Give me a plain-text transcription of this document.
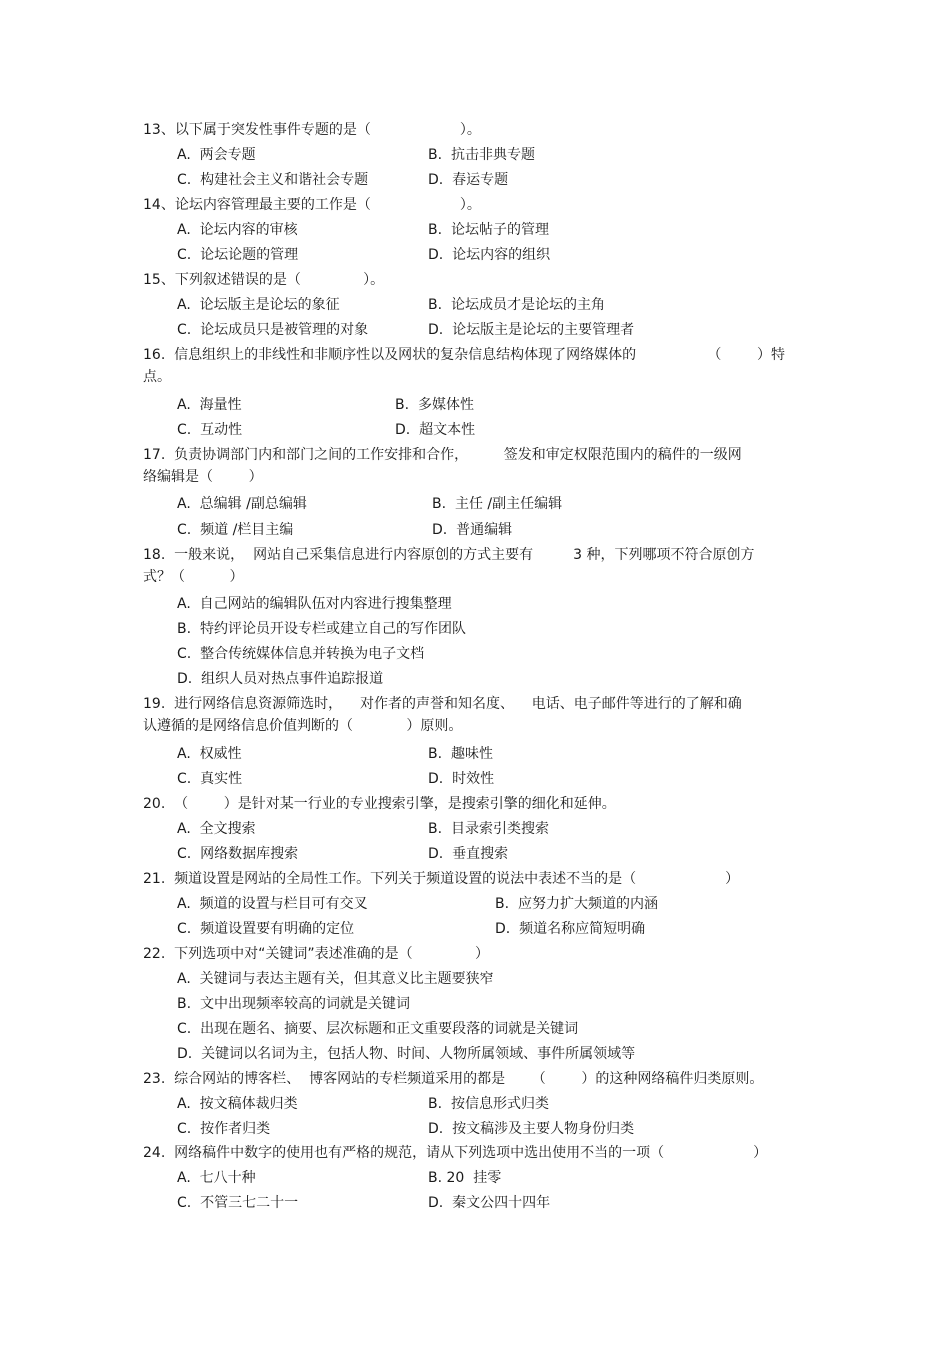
13、以下属于突发性事件专题的是（                    ）。
A.  两会专题	B.  抗击非典专题
C.  构建社会主义和谐社会专题	D.  春运专题
14、论坛内容管理最主要的工作是（                    ）。
A.  论坛内容的审核	B.  论坛帖子的管理
C.  论坛论题的管理	D.  论坛内容的组织
15、下列叙述错误的是（              ）。
A.  论坛版主是论坛的象征	B.  论坛成员才是论坛的主角
C.  论坛成员只是被管理的对象	D.  论坛版主是论坛的主要管理者
16.  信息组织上的非线性和非顺序性以及网状的复杂信息结构体现了网络媒体的                （        ）特
点。
A.  海量性	B.  多媒体性
C.  互动性	D.  超文本性
17.  负责协调部门内和部门之间的工作安排和合作，        签发和审定权限范围内的稿件的一级网
络编辑是（        ）
A.  总编辑 /副总编辑	B.  主任 /副主任编辑
C.  频道 /栏目主编	D.  普通编辑
18.  一般来说，  网站自己采集信息进行内容原创的方式主要有         3 种，下列哪项不符合原创方
式？（          ）
A.  自己网站的编辑队伍对内容进行搜集整理
B.  特约评论员开设专栏或建立自己的写作团队
C.  整合传统媒体信息并转换为电子文档
D.  组织人员对热点事件追踪报道
19.  进行网络信息资源筛选时，    对作者的声誉和知名度、    电话、电子邮件等进行的了解和确
认遵循的是网络信息价值判断的（            ）原则。
A.  权威性	B.  趣味性
C.  真实性	D.  时效性
20.  （        ）是针对某一行业的专业搜索引擎，是搜索引擎的细化和延伸。
A.  全文搜索	B.  目录索引类搜索
C.  网络数据库搜索	D.  垂直搜索
21.  频道设置是网站的全局性工作。下列关于频道设置的说法中表述不当的是（                    ）
A.  频道的设置与栏目可有交叉	B.  应努力扩大频道的内涵
C.  频道设置要有明确的定位	D.  频道名称应简短明确
22.  下列选项中对“关键词”表述准确的是（              ）
A.  关键词与表达主题有关，但其意义比主题要狭窄
B.  文中出现频率较高的词就是关键词
C.  出现在题名、摘要、层次标题和正文重要段落的词就是关键词
D.  关键词以名词为主，包括人物、时间、人物所属领域、事件所属领域等
23.  综合网站的博客栏、  博客网站的专栏频道采用的都是      （        ）的这种网络稿件归类原则。
A.  按文稿体裁归类	B.  按信息形式归类
C.  按作者归类	D.  按文稿涉及主要人物身份归类
24.  网络稿件中数字的使用也有严格的规范，请从下列选项中选出使用不当的一项（                    ）
A.  七八十种	B. 20  挂零
C.  不管三七二十一	D.  秦文公四十四年
